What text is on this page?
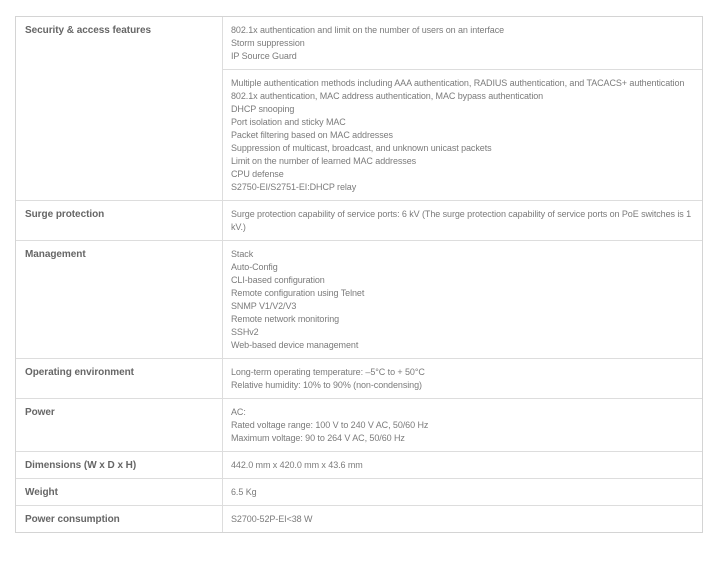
Security & access features	802.1x authentication and limit on the number of users on an interface
Storm suppression
IP Source Guard
Multiple authentication methods including AAA authentication, RADIUS authentication, and TACACS+ authentication
802.1x authentication, MAC address authentication, MAC bypass authentication
DHCP snooping
Port isolation and sticky MAC
Packet filtering based on MAC addresses
Suppression of multicast, broadcast, and unknown unicast packets
Limit on the number of learned MAC addresses
CPU defense
S2750-EI/S2751-EI:DHCP relay
Surge protection	Surge protection capability of service ports: 6 kV (The surge protection capability of service ports on PoE switches is 1 kV.)
Management	Stack
Auto-Config
CLI-based configuration
Remote configuration using Telnet
SNMP V1/V2/V3
Remote network monitoring
SSHv2
Web-based device management
Operating environment	Long-term operating temperature: –5°C to + 50°C
Relative humidity: 10% to 90% (non-condensing)
Power	AC:
Rated voltage range: 100 V to 240 V AC, 50/60 Hz
Maximum voltage: 90 to 264 V AC, 50/60 Hz
Dimensions (W x D x H)	442.0 mm x 420.0 mm x 43.6 mm
Weight	6.5 Kg
Power consumption	S2700-52P-EI<38 W
